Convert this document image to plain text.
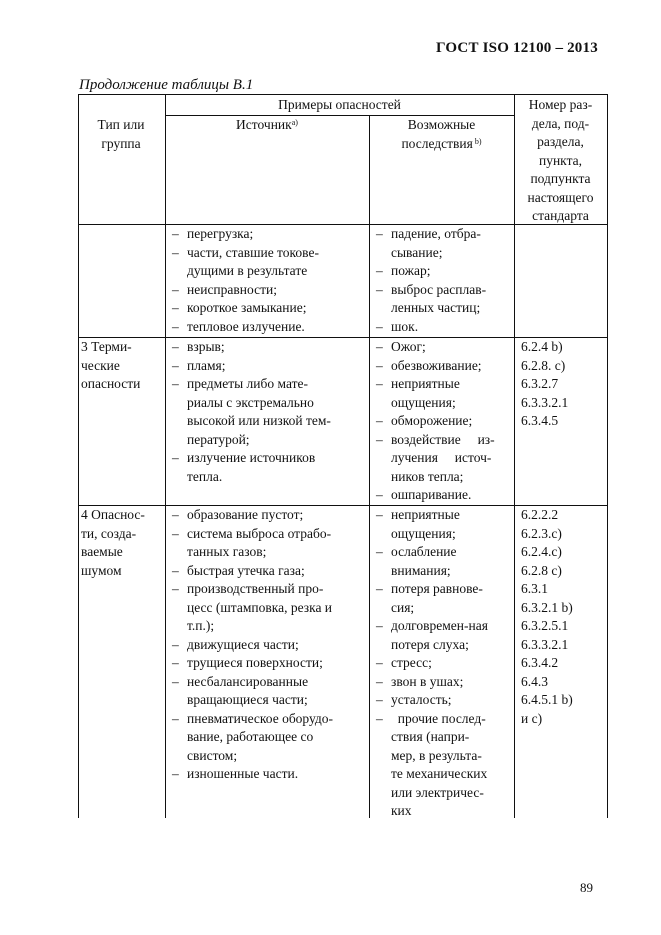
ГОСТ ISO 12100 – 2013
Продолжение таблицы В.1
Тип или
группа
Примеры опасностей
Источник$^{a)}$	Возможные
последствия $^{b)}$
Номер раз-
дела, под-
раздела,
пункта,
подпункта
настоящего
стандарта
– перегрузка;
– части, ставшие токове-
дущими в результате
– неисправности;
– короткое замыкание;
– тепловое излучение.
– падение, отбра-
сывание;
– пожар;
– выброс расплав-
ленных частиц;
– шок.
3 Терми-
ческие
опасности
– взрыв;
– пламя;
– предметы либо мате-
риалы с экстремально
высокой или низкой тем-
пературой;
– излучение источников
тепла.
– Ожог;
– обезвоживание;
– неприятные
ощущения;
– обморожение;
– воздействие     из-
лучения     источ-
ников тепла;
– ошпаривание.
6.2.4 b)
6.2.8. c)
6.3.2.7
6.3.3.2.1
6.3.4.5
4 Опаснос-
ти, созда-
ваемые
шумом
– образование пустот;
– система выброса отрабо-
танных газов;
– быстрая утечка газа;
– производственный про-
цесс (штамповка, резка и
т.п.);
– движущиеся части;
– трущиеся поверхности;
– несбалансированные
вращающиеся части;
– пневматическое оборудо-
вание, работающее со
свистом;
– изношенные части.
– неприятные
ощущения;
– ослабление
внимания;
– потеря равнове-
сия;
– долговремен-ная
потеря слуха;
– стресс;
– звон в ушах;
– усталость;
–  прочие послед-
ствия (напри-
мер, в результа-
те механических
или электричес-
ких
6.2.2.2
6.2.3.c)
6.2.4.c)
6.2.8 c)
6.3.1
6.3.2.1 b)
6.3.2.5.1
6.3.3.2.1
6.3.4.2
6.4.3
6.4.5.1 b)
и с)
89
